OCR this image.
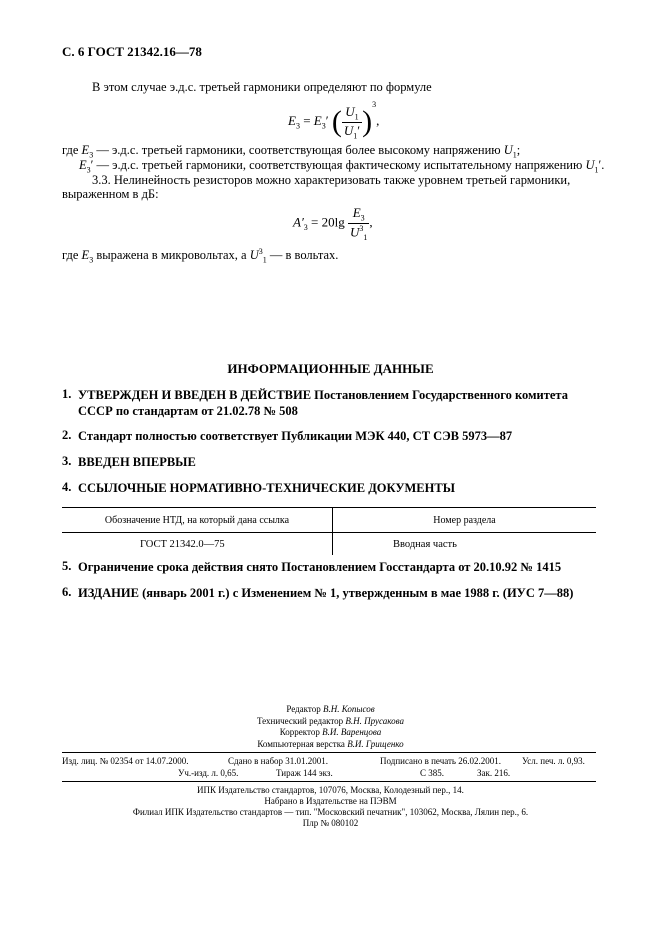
С. 6 ГОСТ 21342.16—78
В этом случае э.д.с. третьей гармоники определяют по формуле
$E_3 = E_3'$ ( $\frac{U_1}{U_1'} )^3$,
где $E_3$ — э.д.с. третьей гармоники, соответствующая более высокому напряжению $U_1$;
$E_3'$ — э.д.с. третьей гармоники, соответствующая фактическому испытательному напряжению $U_1'$.
3.3. Нелинейность резисторов можно характеризовать также уровнем третьей гармоники,
выраженном в дБ:
$A'_3 = 20\lg \frac{E_3}{U^3_1}$ ,
где $E_3$ выражена в микровольтах, а $U^3_1$ — в вольтах.
ИНФОРМАЦИОННЫЕ ДАННЫЕ
1. УТВЕРЖДЕН И ВВЕДЕН В ДЕЙСТВИЕ Постановлением Государственного комитета СССР по стандартам от 21.02.78 № 508
2. Стандарт полностью соответствует Публикации МЭК 440, СТ СЭВ 5973—87
3. ВВЕДЕН ВПЕРВЫЕ
4. ССЫЛОЧНЫЕ НОРМАТИВНО-ТЕХНИЧЕСКИЕ ДОКУМЕНТЫ
Обозначение НТД, на который дана ссылка	Номер раздела
ГОСТ 21342.0—75	Вводная часть
5. Ограничение срока действия снято Постановлением Госстандарта от 20.10.92 № 1415
6. ИЗДАНИЕ (январь 2001 г.) с Изменением № 1, утвержденным в мае 1988 г. (ИУС 7—88)
Редактор В.Н. Копысов
Технический редактор В.Н. Прусакова
Корректор В.И. Варенцова
Компьютерная верстка В.И. Грищенко
Изд. лиц. № 02354 от 14.07.2000.	Сдано в набор 31.01.2001.	Подписано в печать 26.02.2001. Усл. печ. л. 0,93.
Уч.-изд. л. 0,65.	Тираж 144 экз.	С 385.	Зак. 216.
ИПК Издательство стандартов, 107076, Москва, Колодезный пер., 14.
Набрано в Издательстве на ПЭВМ
Филиал ИПК Издательство стандартов — тип. "Московский печатник", 103062, Москва, Лялин пер., 6.
Плр № 080102
